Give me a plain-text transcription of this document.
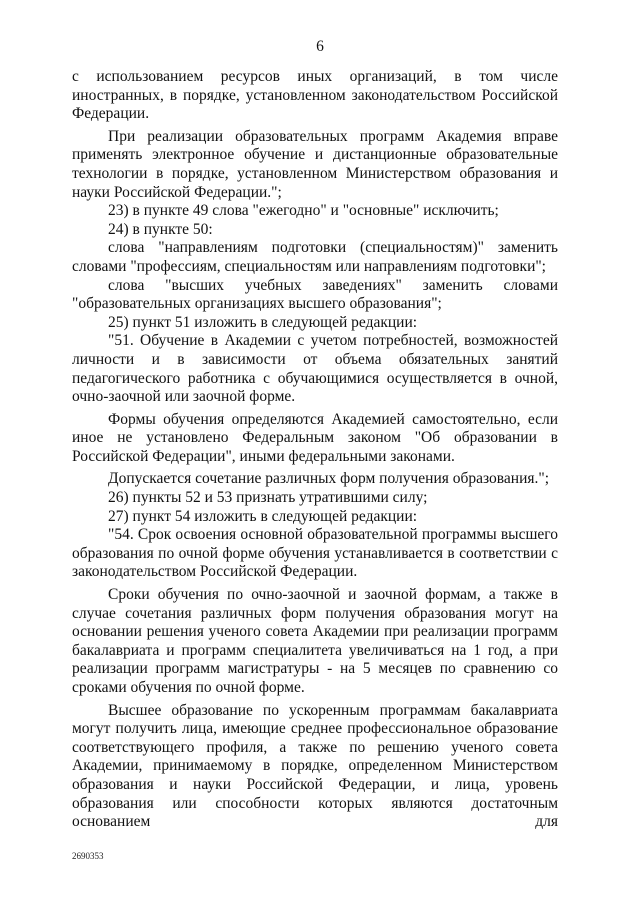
6

с использованием ресурсов иных организаций, в том числе иностранных, в порядке, установленном законодательством Российской Федерации.

При реализации образовательных программ Академия вправе применять электронное обучение и дистанционные образовательные технологии в порядке, установленном Министерством образования и науки Российской Федерации.";

23) в пункте 49 слова "ежегодно" и "основные" исключить;

24) в пункте 50:

слова "направлениям подготовки (специальностям)" заменить словами "профессиям, специальностям или направлениям подготовки";

слова "высших учебных заведениях" заменить словами "образовательных организациях высшего образования";

25) пункт 51 изложить в следующей редакции:

"51. Обучение в Академии с учетом потребностей, возможностей личности и в зависимости от объема обязательных занятий педагогического работника с обучающимися осуществляется в очной, очно-заочной или заочной форме.

Формы обучения определяются Академией самостоятельно, если иное не установлено Федеральным законом "Об образовании в Российской Федерации", иными федеральными законами.

Допускается сочетание различных форм получения образования.";

26) пункты 52 и 53 признать утратившими силу;

27) пункт 54 изложить в следующей редакции:

"54. Срок освоения основной образовательной программы высшего образования по очной форме обучения устанавливается в соответствии с законодательством Российской Федерации.

Сроки обучения по очно-заочной и заочной формам, а также в случае сочетания различных форм получения образования могут на основании решения ученого совета Академии при реализации программ бакалавриата и программ специалитета увеличиваться на 1 год, а при реализации программ магистратуры - на 5 месяцев по сравнению со сроками обучения по очной форме.

Высшее образование по ускоренным программам бакалавриата могут получить лица, имеющие среднее профессиональное образование соответствующего профиля, а также по решению ученого совета Академии, принимаемому в порядке, определенном Министерством образования и науки Российской Федерации, и лица, уровень образования или способности которых являются достаточным основанием для

2690353
